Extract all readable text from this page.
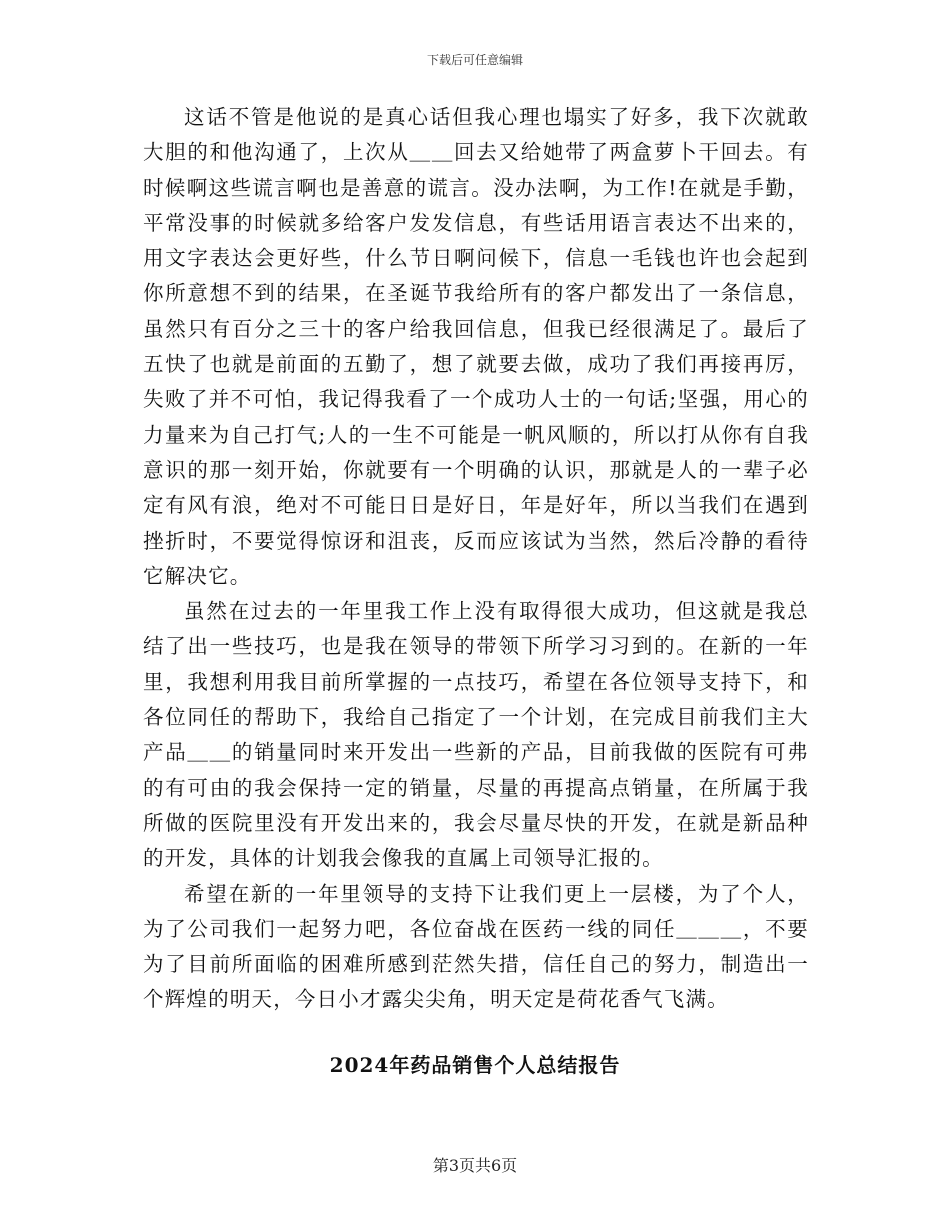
下载后可任意编辑

这话不管是他说的是真心话但我心理也塌实了好多，我下次就敢大胆的和他沟通了，上次从＿＿回去又给她带了两盒萝卜干回去。有时候啊这些谎言啊也是善意的谎言。没办法啊，为工作!在就是手勤，平常没事的时候就多给客户发发信息，有些话用语言表达不出来的，用文字表达会更好些，什么节日啊问候下，信息一毛钱也许也会起到你所意想不到的结果，在圣诞节我给所有的客户都发出了一条信息，虽然只有百分之三十的客户给我回信息，但我已经很满足了。最后了五快了也就是前面的五勤了，想了就要去做，成功了我们再接再厉，失败了并不可怕，我记得我看了一个成功人士的一句话;坚强，用心的力量来为自己打气;人的一生不可能是一帆风顺的，所以打从你有自我意识的那一刻开始，你就要有一个明确的认识，那就是人的一辈子必定有风有浪，绝对不可能日日是好日，年是好年，所以当我们在遇到挫折时，不要觉得惊讶和沮丧，反而应该试为当然，然后冷静的看待它解决它。

虽然在过去的一年里我工作上没有取得很大成功，但这就是我总结了出一些技巧，也是我在领导的带领下所学习习到的。在新的一年里，我想利用我目前所掌握的一点技巧，希望在各位领导支持下，和各位同任的帮助下，我给自己指定了一个计划，在完成目前我们主大产品＿＿的销量同时来开发出一些新的产品，目前我做的医院有可弗的有可由的我会保持一定的销量，尽量的再提高点销量，在所属于我所做的医院里没有开发出来的，我会尽量尽快的开发，在就是新品种的开发，具体的计划我会像我的直属上司领导汇报的。

希望在新的一年里领导的支持下让我们更上一层楼，为了个人，为了公司我们一起努力吧，各位奋战在医药一线的同任＿＿＿，不要为了目前所面临的困难所感到茫然失措，信任自己的努力，制造出一个辉煌的明天，今日小才露尖尖角，明天定是荷花香气飞满。

2024年药品销售个人总结报告
第3页共6页
